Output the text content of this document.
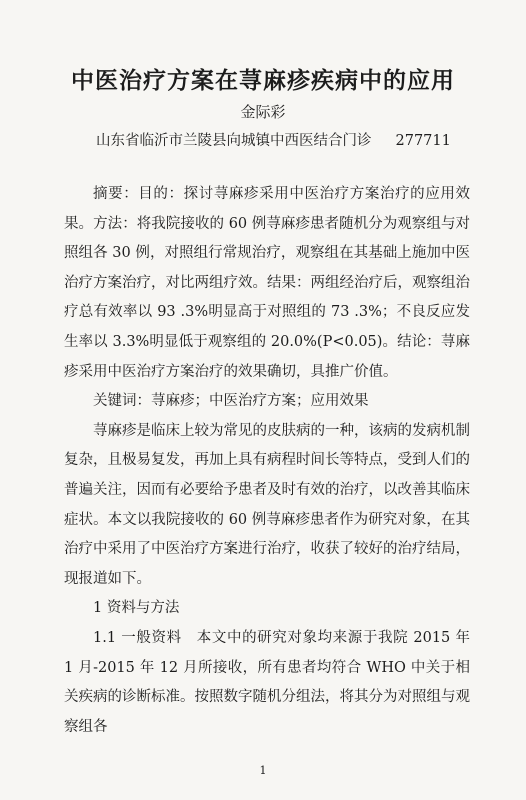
中医治疗方案在荨麻疹疾病中的应用
金际彩
山东省临沂市兰陵县向城镇中西医结合门诊 277711

摘要：目的：探讨荨麻疹采用中医治疗方案治疗的应用效果。方法：将我院接收的 60 例荨麻疹患者随机分为观察组与对照组各 30 例，对照组行常规治疗，观察组在其基础上施加中医治疗方案治疗，对比两组疗效。结果：两组经治疗后，观察组治疗总有效率以 93 .3%明显高于对照组的 73 .3%；不良反应发生率以 3.3%明显低于观察组的 20.0%(P<0.05)。结论：荨麻疹采用中医治疗方案治疗的效果确切，具推广价值。

关键词：荨麻疹；中医治疗方案；应用效果

荨麻疹是临床上较为常见的皮肤病的一种，该病的发病机制复杂，且极易复发，再加上具有病程时间长等特点，受到人们的普遍关注，因而有必要给予患者及时有效的治疗，以改善其临床症状。本文以我院接收的 60 例荨麻疹患者作为研究对象，在其治疗中采用了中医治疗方案进行治疗，收获了较好的治疗结局，现报道如下。

1 资料与方法

1.1 一般资料　本文中的研究对象均来源于我院 2015 年 1 月-2015 年 12 月所接收，所有患者均符合 WHO 中关于相关疾病的诊断标准。按照数字随机分组法，将其分为对照组与观察组各

1
